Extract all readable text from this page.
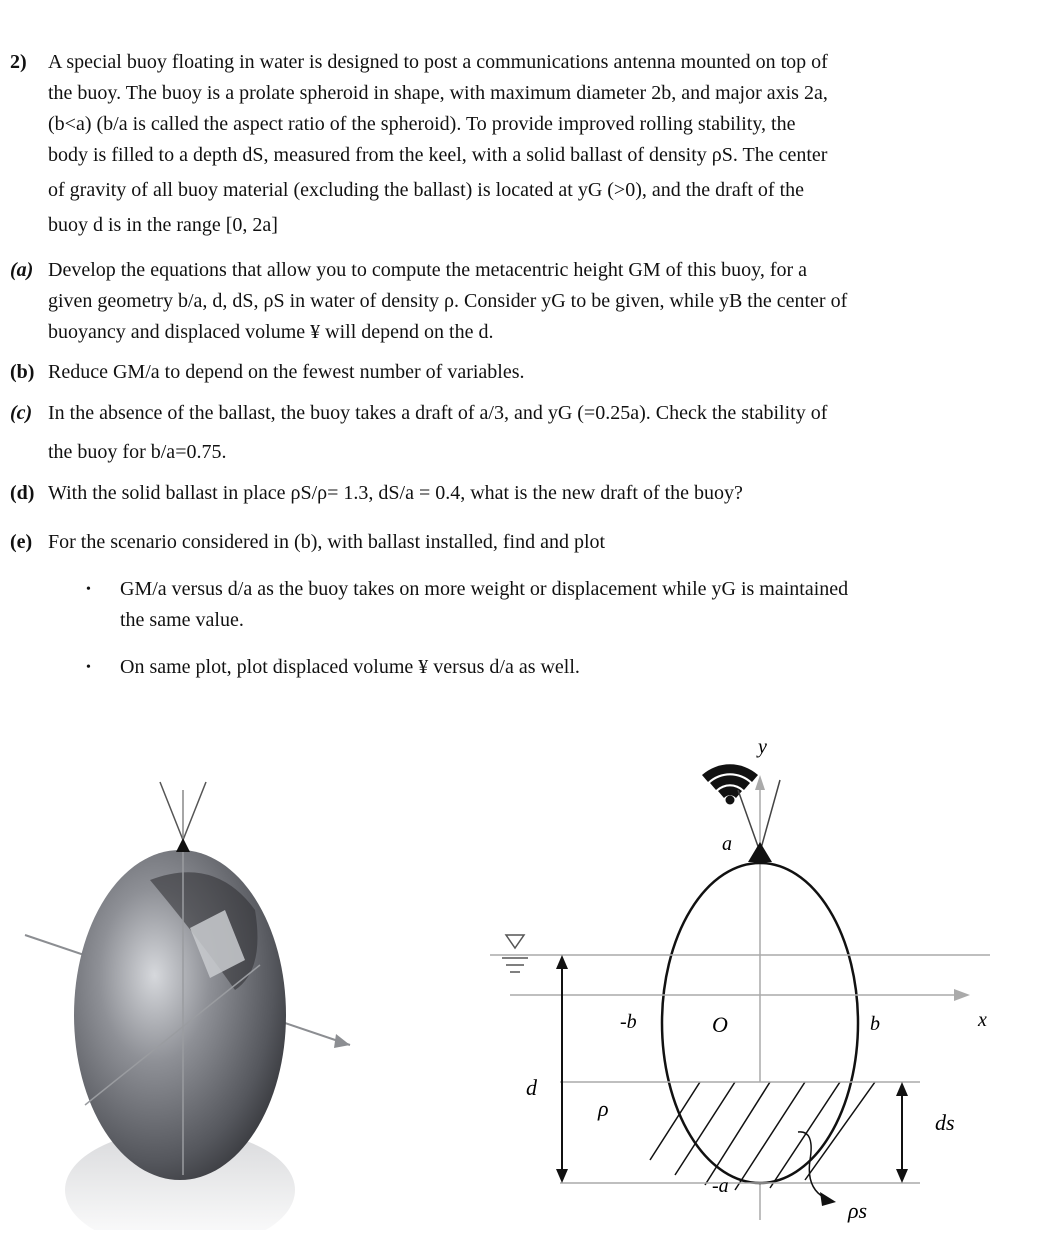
2)	A special buoy floating in water is designed to post a communications antenna mounted on top of
the buoy. The buoy is a prolate spheroid in shape, with maximum diameter 2b, and major axis 2a,
(b<a) (b/a is called the aspect ratio of the spheroid). To provide improved rolling stability, the
body is filled to a depth dS, measured from the keel, with a solid ballast of density ρS. The center
of gravity of all buoy material (excluding the ballast) is located at yG (>0), and the draft of the
buoy d is in the range [0, 2a]
(a) Develop the equations that allow you to compute the metacentric height GM of this buoy, for a
given geometry b/a, d, dS, ρS in water of density ρ. Consider yG to be given, while yB the center of
buoyancy and displaced volume ¥ will depend on the d.
(b) Reduce GM/a to depend on the fewest number of variables.
(c) In the absence of the ballast, the buoy takes a draft of a/3, and yG (=0.25a). Check the stability of
the buoy for b/a=0.75.
(d) With the solid ballast in place ρS/ρ= 1.3, dS/a = 0.4, what is the new draft of the buoy?
(e) For the scenario considered in (b), with ballast installed, find and plot
• GM/a versus d/a as the buoy takes on more weight or displacement while yG is maintained
the same value.
• On same plot, plot displaced volume ¥ versus d/a as well.
y
a
d
ds
-b	O	b	x
ρ
-a
ρs
